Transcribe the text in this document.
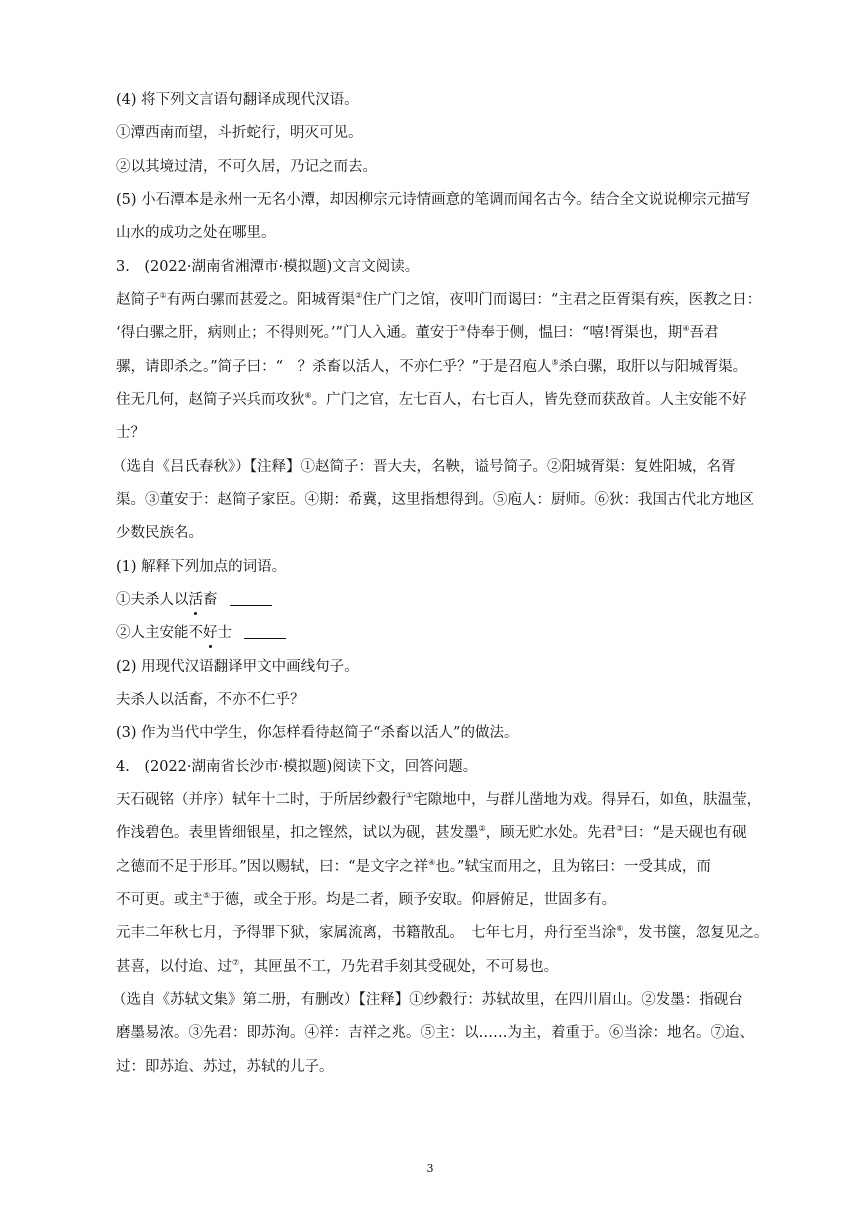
(4) 将下列文言语句翻译成现代汉语。
①潭西南而望，斗折蛇行，明灭可见。
②以其境过清，不可久居，乃记之而去。
(5) 小石潭本是永州一无名小潭，却因柳宗元诗情画意的笔调而闻名古今。结合全文说说柳宗元描写
山水的成功之处在哪里。
3.　(2022·湖南省湘潭市·模拟题)文言文阅读。
赵简子①有两白骡而甚爱之。阳城胥渠②住广门之馆，夜叩门而谒曰：“主君之臣胥渠有疾，医教之日：
‘得白骡之肝，病则止；不得则死。’”门人入通。董安于③侍奉于侧，愠曰：“嘻!胥渠也，期④吾君
骡，请即杀之。”简子曰：“　？杀畜以活人，不亦仁乎？”于是召庖人⑤杀白骡，取肝以与阳城胥渠。
住无几何，赵简子兴兵而攻狄⑥。广门之官，左七百人，右七百人，皆先登而获敌首。人主安能不好
士？
（选自《吕氏春秋》）【注释】①赵简子：晋大夫，名鞅，谥号简子。②阳城胥渠：复姓阳城，名胥
渠。③董安于：赵简子家臣。④期：希冀，这里指想得到。⑤庖人：厨师。⑥狄：我国古代北方地区
少数民族名。
(1) 解释下列加点的词语。
①夫杀人以活畜
②人主安能不好士
(2) 用现代汉语翻译甲文中画线句子。
夫杀人以活畜，不亦不仁乎？
(3) 作为当代中学生，你怎样看待赵简子“杀畜以活人”的做法。
4.　(2022·湖南省长沙市·模拟题)阅读下文，回答问题。
天石砚铭（并序）轼年十二时，于所居纱縠行①宅隙地中，与群儿凿地为戏。得异石，如鱼，肤温莹，
作浅碧色。表里皆细银星，扣之铿然，试以为砚，甚发墨②，顾无贮水处。先君③曰：“是天砚也有砚
之德而不足于形耳。”因以赐轼，曰：“是文字之祥④也。”轼宝而用之，且为铭曰：一受其成，而
不可更。或主⑤于德，或全于形。均是二者，顾予安取。仰唇俯足，世固多有。
元丰二年秋七月，予得罪下狱，家属流离，书籍散乱。　七年七月，舟行至当涂⑥，发书箧，忽复见之。
甚喜，以付迨、过⑦，其匣虽不工，乃先君手刻其受砚处，不可易也。
（选自《苏轼文集》第二册，有删改）【注释】①纱縠行：苏轼故里，在四川眉山。②发墨：指砚台
磨墨易浓。③先君：即苏洵。④祥：吉祥之兆。⑤主：以……为主，着重于。⑥当涂：地名。⑦迨、
过：即苏迨、苏过，苏轼的儿子。
3
